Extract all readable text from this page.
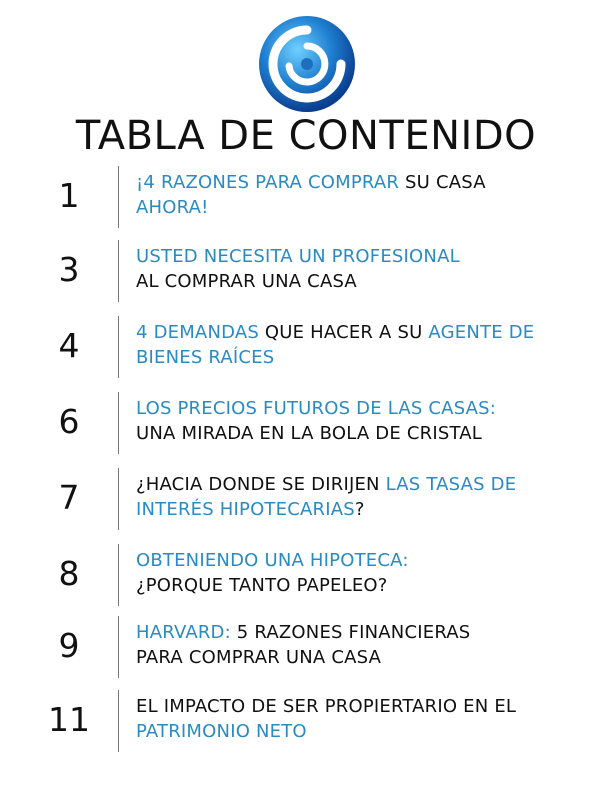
TABLA DE CONTENIDO
1	¡4 RAZONES PARA COMPRAR SU CASA
AHORA!
3	USTED NECESITA UN PROFESIONAL
AL COMPRAR UNA CASA
4	4 DEMANDAS QUE HACER A SU AGENTE DE
BIENES RAÍCES
6	LOS PRECIOS FUTUROS DE LAS CASAS:
UNA MIRADA EN LA BOLA DE CRISTAL
7	¿HACIA DONDE SE DIRIJEN LAS TASAS DE
INTERÉS HIPOTECARIAS?
8	OBTENIENDO UNA HIPOTECA:
¿PORQUE TANTO PAPELEO?
9	HARVARD: 5 RAZONES FINANCIERAS
PARA COMPRAR UNA CASA
11	EL IMPACTO DE SER PROPIERTARIO EN EL
PATRIMONIO NETO
